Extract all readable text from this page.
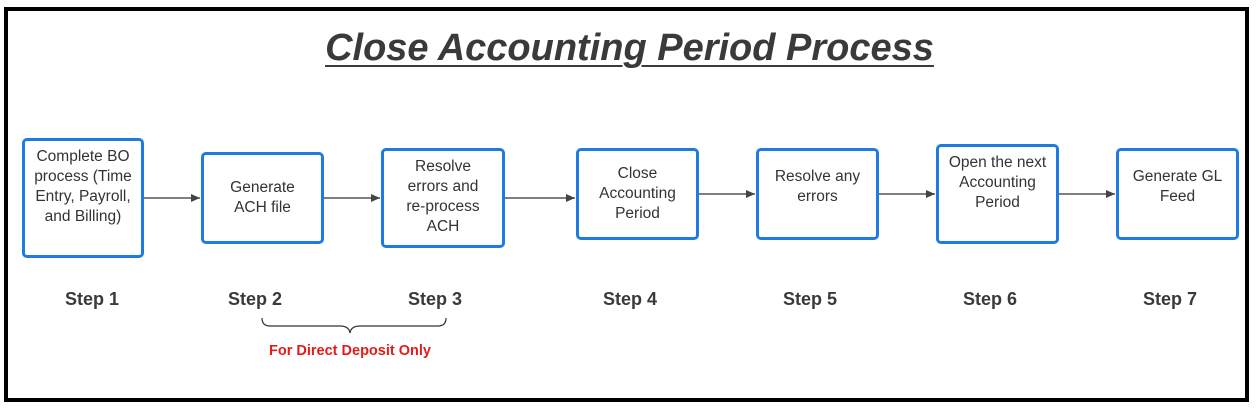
Close Accounting Period Process
Complete BO process (Time Entry, Payroll, and Billing)
Generate ACH file
Resolve errors and re-process ACH
Close Accounting Period
Resolve any errors
Open the next Accounting Period
Generate GL Feed
Step 1	Step 2	Step 3	Step 4	Step 5	Step 6	Step 7
For Direct Deposit Only
